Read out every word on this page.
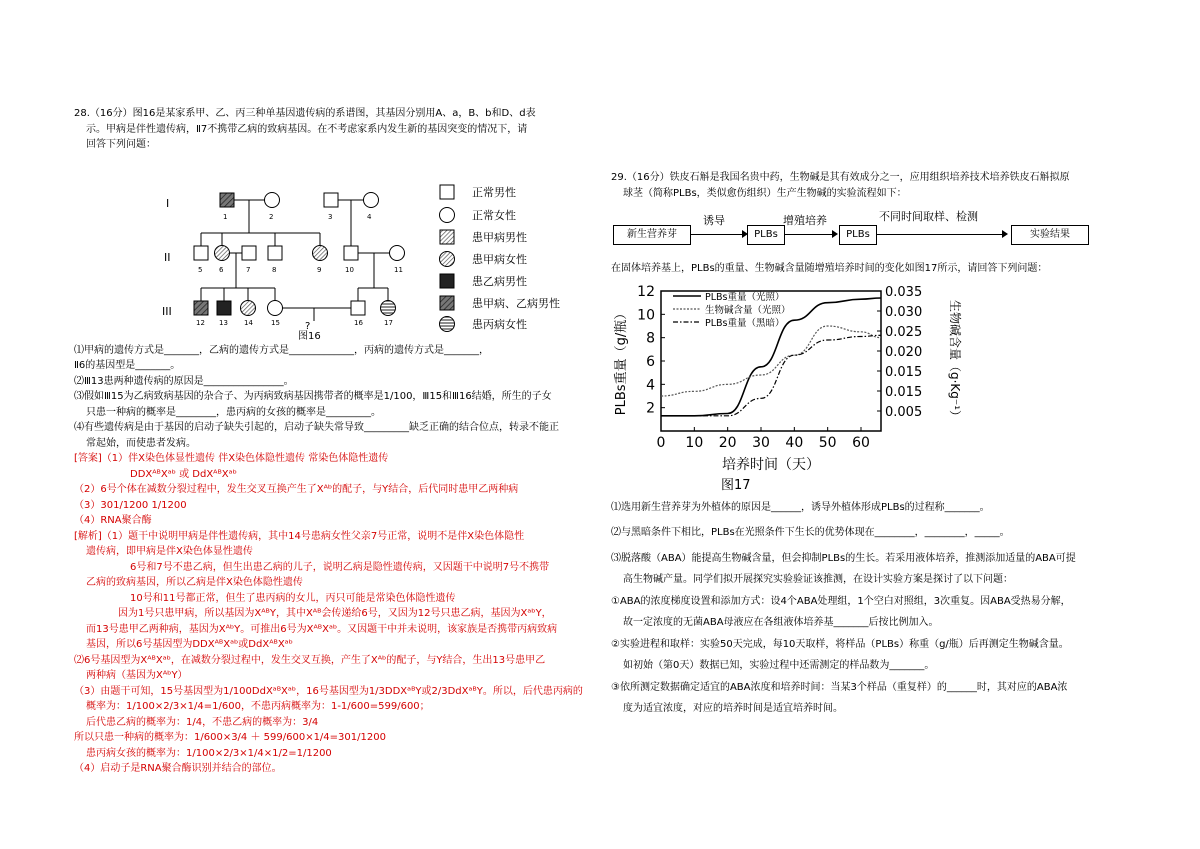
28.（16分）图16是某家系甲、乙、丙三种单基因遗传病的系谱图，其基因分别用A、a，B、b和D、d表

示。甲病是伴性遗传病，Ⅱ7不携带乙病的致病基因。在不考虑家系内发生新的基因突变的情况下，请

回答下列问题：

I
II
III
1	2	3	4
5 6	7	8	9	10	11
12 13 14	15	16	17
正常男性
正常女性
患甲病男性
患甲病女性
患乙病男性
患甲病、乙病男性
患丙病女性
?
图16

⑴甲病的遗传方式是_______，乙病的遗传方式是_____________，丙病的遗传方式是_______，

Ⅱ6的基因型是_______。

⑵Ⅲ13患两种遗传病的原因是________________。

⑶假如Ⅲ15为乙病致病基因的杂合子、为丙病致病基因携带者的概率是1/100，Ⅲ15和Ⅲ16结婚，所生的子女

只患一种病的概率是________，患丙病的女孩的概率是_________。

⑷有些遗传病是由于基因的启动子缺失引起的，启动子缺失常导致_________缺乏正确的结合位点，转录不能正

常起始，而使患者发病。

[答案]（1）伴X染色体显性遗传 伴X染色体隐性遗传 常染色体隐性遗传

DDXᴬᴮXᵃᵇ 或 DdXᴬᴮXᵃᵇ

（2）6号个体在减数分裂过程中，发生交叉互换产生了Xᴬᵇ的配子，与Y结合，后代同时患甲乙两种病

（3）301/1200 1/1200

（4）RNA聚合酶

[解析]（1）题干中说明甲病是伴性遗传病，其中14号患病女性父亲7号正常，说明不是伴X染色体隐性

遗传病，即甲病是伴X染色体显性遗传

6号和7号不患乙病，但生出患乙病的儿子，说明乙病是隐性遗传病，又因题干中说明7号不携带

乙病的致病基因，所以乙病是伴X染色体隐性遗传

10号和11号都正常，但生了患丙病的女儿，丙只可能是常染色体隐性遗传

因为1号只患甲病，所以基因为XᴬᴮY，其中Xᴬᴮ会传递给6号，又因为12号只患乙病，基因为XᵃᵇY，

而13号患甲乙两种病，基因为XᴬᵇY。可推出6号为XᴬᴮXᵃᵇ。又因题干中并未说明，该家族是否携带丙病致病

基因，所以6号基因型为DDXᴬᴮXᵃᵇ或DdXᴬᴮXᵃᵇ

⑵6号基因型为XᴬᴮXᵃᵇ，在减数分裂过程中，发生交叉互换，产生了Xᴬᵇ的配子，与Y结合，生出13号患甲乙

两种病（基因为XᴬᵇY）

（3）由题干可知，15号基因型为1/100DdXᵃᴮXᵃᵇ，16号基因型为1/3DDXᵃᴮY或2/3DdXᵃᴮY。所以，后代患丙病的

概率为：1/100×2/3×1/4=1/600，不患丙病概率为：1-1/600=599/600；

后代患乙病的概率为：1/4，不患乙病的概率为：3/4

所以只患一种病的概率为：1/600×3/4 ＋ 599/600×1/4=301/1200

患丙病女孩的概率为：1/100×2/3×1/4×1/2=1/1200

（4）启动子是RNA聚合酶识别并结合的部位。

29.（16分）铁皮石斛是我国名贵中药，生物碱是其有效成分之一，应用组织培养技术培养铁皮石斛拟原

球茎（简称PLBs，类似愈伤组织）生产生物碱的实验流程如下：

新生营养芽
诱导
PLBs
增殖培养
PLBs
不同时间取样、检测
实验结果

在固体培养基上，PLBs的重量、生物碱含量随增殖培养时间的变化如图17所示，请回答下列问题：

2
4
6
8
10
12
0.005
0.015
0.015
0.020
0.025
0.030
0.035
0 10 20 30 40 50 60
培养时间（天）
PLBs重量（g/瓶）	生物碱含量（g·Kg⁻¹）
图17
PLBs重量（光照）
生物碱含量（光照）
PLBs重量（黑暗）

⑴选用新生营养芽为外植体的原因是______，诱导外植体形成PLBs的过程称_______。

⑵与黑暗条件下相比，PLBs在光照条件下生长的优势体现在________，________，_____。

⑶脱落酸（ABA）能提高生物碱含量，但会抑制PLBs的生长。若采用液体培养，推测添加适量的ABA可提

高生物碱产量。同学们拟开展探究实验验证该推测，在设计实验方案是探讨了以下问题：

①ABA的浓度梯度设置和添加方式：设4个ABA处理组，1个空白对照组，3次重复。因ABA受热易分解，

故一定浓度的无菌ABA母液应在各组液体培养基_______后按比例加入。

②实验进程和取样：实验50天完成，每10天取样，将样品（PLBs）称重（g/瓶）后再测定生物碱含量。

如初始（第0天）数据已知，实验过程中还需测定的样品数为_______。

③依所测定数据确定适宜的ABA浓度和培养时间：当某3个样品（重复样）的______时，其对应的ABA浓

度为适宜浓度，对应的培养时间是适宜培养时间。
